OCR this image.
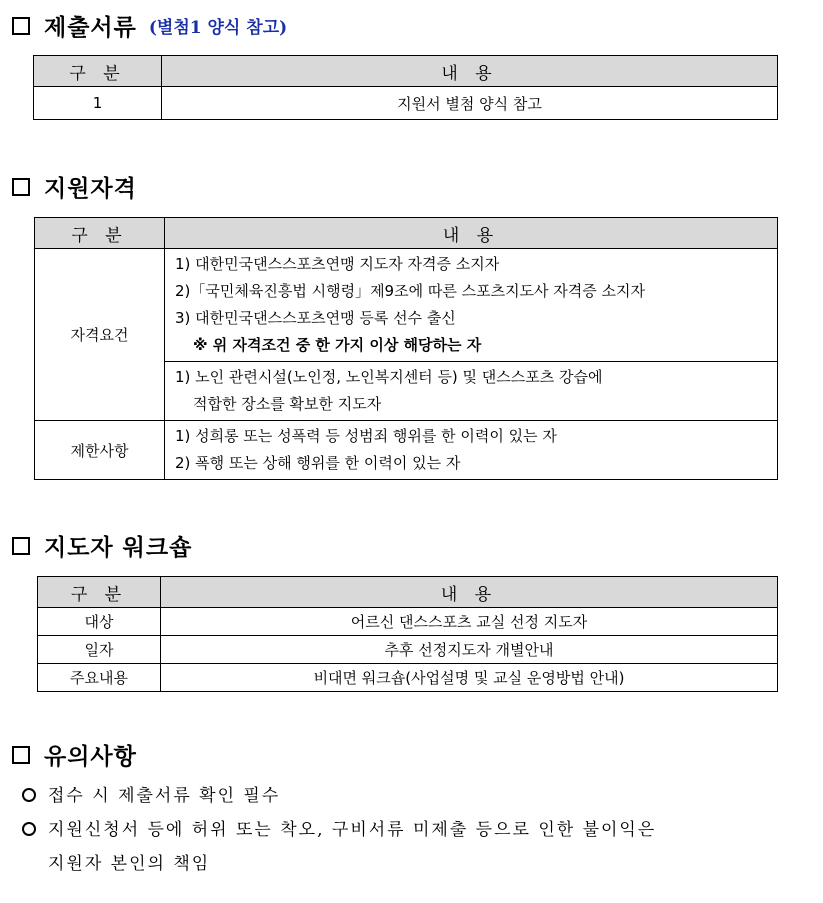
제출서류 (별첨1 양식 참고)
구 분	내 용
1	지원서 별첨 양식 참고
지원자격
구 분	내 용
자격요건	1) 대한민국댄스스포츠연맹 지도자 자격증 소지자
2)「국민체육진흥법 시행령」제9조에 따른 스포츠지도사 자격증 소지자
3) 대한민국댄스스포츠연맹 등록 선수 출신
※ 위 자격조건 중 한 가지 이상 해당하는 자

	1) 노인 관련시설(노인정, 노인복지센터 등) 및 댄스스포츠 강습에
적합한 장소를 확보한 지도자

제한사항	1) 성희롱 또는 성폭력 등 성범죄 행위를 한 이력이 있는 자
2) 폭행 또는 상해 행위를 한 이력이 있는 자
지도자 워크숍
구 분	내 용
대상	어르신 댄스스포츠 교실 선정 지도자
일자	추후 선정지도자 개별안내
주요내용	비대면 워크숍(사업설명 및 교실 운영방법 안내)
유의사항
접수 시 제출서류 확인 필수
지원신청서 등에 허위 또는 착오, 구비서류 미제출 등으로 인한 불이익은
지원자 본인의 책임
